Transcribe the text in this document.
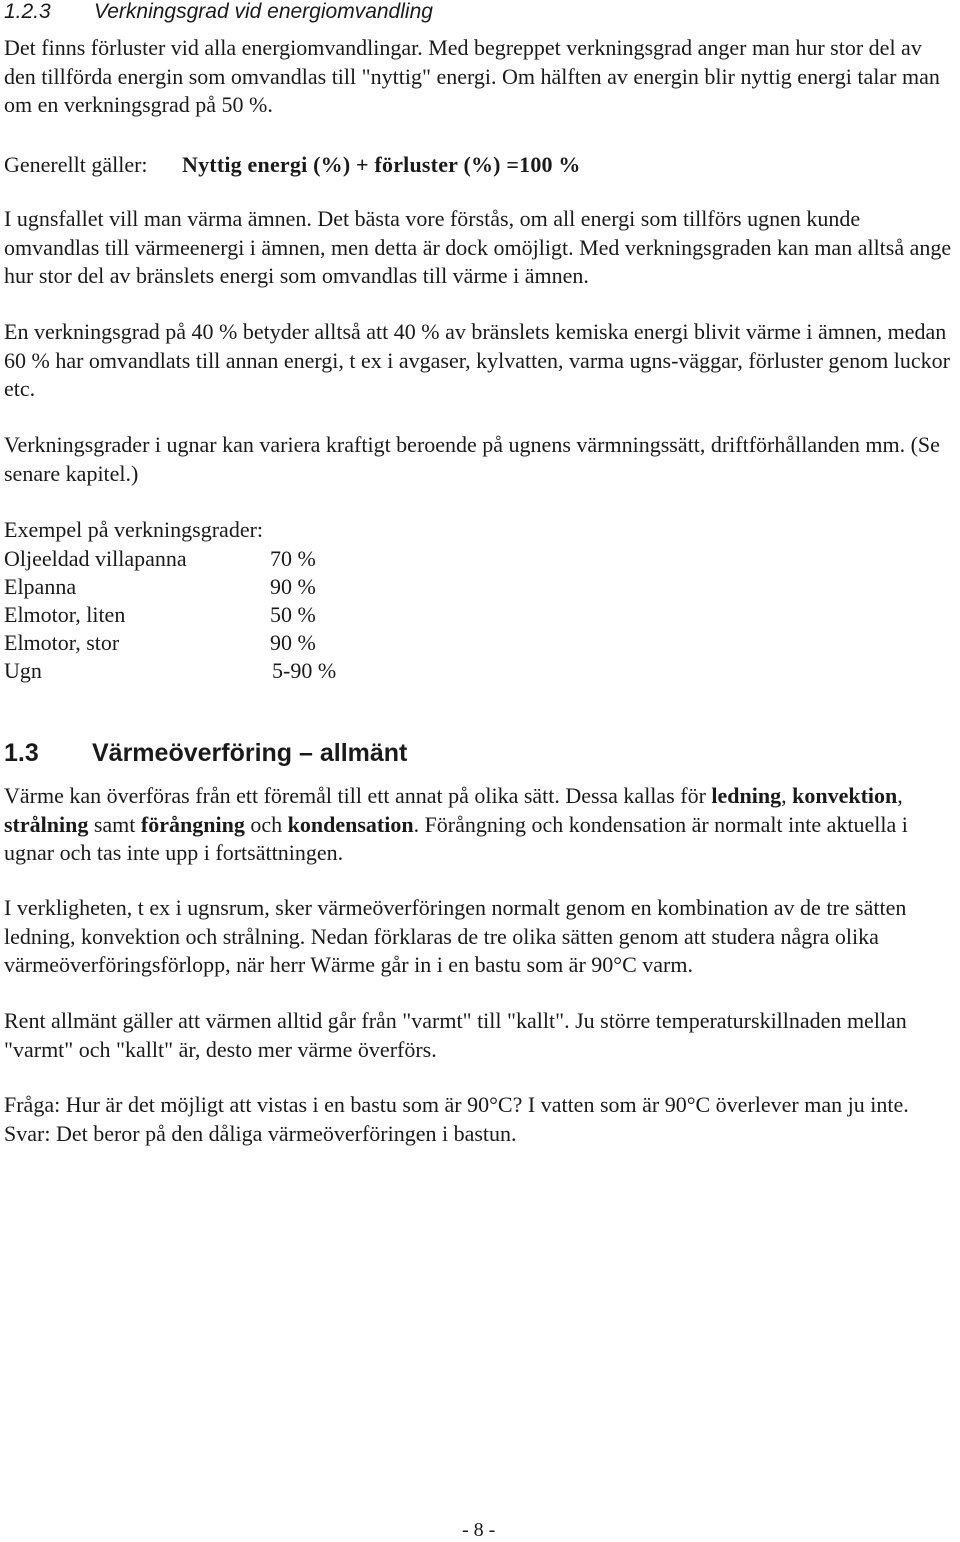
1.2.3 Verkningsgrad vid energiomvandling

Det finns förluster vid alla energiomvandlingar. Med begreppet verkningsgrad anger man hur stor del av den tillförda energin som omvandlas till "nyttig" energi. Om hälften av energin blir nyttig energi talar man om en verkningsgrad på 50 %.

Generellt gäller: Nyttig energi (%) + förluster (%) =100 %

I ugnsfallet vill man värma ämnen. Det bästa vore förstås, om all energi som tillförs ugnen kunde omvandlas till värmeenergi i ämnen, men detta är dock omöjligt. Med verkningsgraden kan man alltså ange hur stor del av bränslets energi som omvandlas till värme i ämnen.

En verkningsgrad på 40 % betyder alltså att 40 % av bränslets kemiska energi blivit värme i ämnen, medan 60 % har omvandlats till annan energi, t ex i avgaser, kylvatten, varma ugns-väggar, förluster genom luckor etc.

Verkningsgrader i ugnar kan variera kraftigt beroende på ugnens värmningssätt, driftförhållanden mm. (Se senare kapitel.)

Exempel på verkningsgrader:

Oljeeldad villapanna	70 %
Elpanna	90 %
Elmotor, liten	50 %
Elmotor, stor	90 %
Ugn	5-90 %
1.3 Värmeöverföring – allmänt

Värme kan överföras från ett föremål till ett annat på olika sätt. Dessa kallas för ledning, konvektion, strålning samt förångning och kondensation. Förångning och kondensation är normalt inte aktuella i ugnar och tas inte upp i fortsättningen.

I verkligheten, t ex i ugnsrum, sker värmeöverföringen normalt genom en kombination av de tre sätten ledning, konvektion och strålning. Nedan förklaras de tre olika sätten genom att studera några olika värmeöverföringsförlopp, när herr Wärme går in i en bastu som är 90°C varm.

Rent allmänt gäller att värmen alltid går från "varmt" till "kallt". Ju större temperaturskillnaden mellan "varmt" och "kallt" är, desto mer värme överförs.

Fråga: Hur är det möjligt att vistas i en bastu som är 90°C? I vatten som är 90°C överlever man ju inte. Svar: Det beror på den dåliga värmeöverföringen i bastun.

- 8 -
